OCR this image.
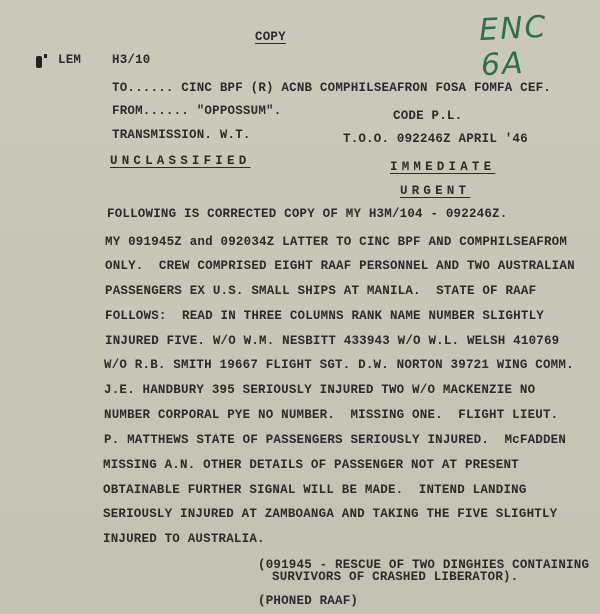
ENC 6A
COPY
LEM H3/10
TO...... CINC BPF (R) ACNB COMPHILSEAFRON FOSA FOMFA CEF.
FROM...... "OPPOSSUM".	CODE P.L.
TRANSMISSION. W.T.	T.O.O. 092246Z APRIL '46
UNCLASSIFIED	IMMEDIATE
URGENT
FOLLOWING IS CORRECTED COPY OF MY H3M/104 - 092246Z.
MY 091945Z and 092034Z LATTER TO CINC BPF AND COMPHILSEAFROM
ONLY.  CREW COMPRISED EIGHT RAAF PERSONNEL AND TWO AUSTRALIAN
PASSENGERS EX U.S. SMALL SHIPS AT MANILA.  STATE OF RAAF
FOLLOWS:  READ IN THREE COLUMNS RANK NAME NUMBER SLIGHTLY
INJURED FIVE. W/O W.M. NESBITT 433943 W/O W.L. WELSH 410769
W/O R.B. SMITH 19667 FLIGHT SGT. D.W. NORTON 39721 WING COMM.
J.E. HANDBURY 395 SERIOUSLY INJURED TWO W/O MACKENZIE NO
NUMBER CORPORAL PYE NO NUMBER.  MISSING ONE.  FLIGHT LIEUT.
P. MATTHEWS STATE OF PASSENGERS SERIOUSLY INJURED.  McFADDEN
MISSING A.N. OTHER DETAILS OF PASSENGER NOT AT PRESENT
OBTAINABLE FURTHER SIGNAL WILL BE MADE.  INTEND LANDING
SERIOUSLY INJURED AT ZAMBOANGA AND TAKING THE FIVE SLIGHTLY
INJURED TO AUSTRALIA.
(091945 - RESCUE OF TWO DINGHIES CONTAINING
SURVIVORS OF CRASHED LIBERATOR).
(PHONED RAAF)
